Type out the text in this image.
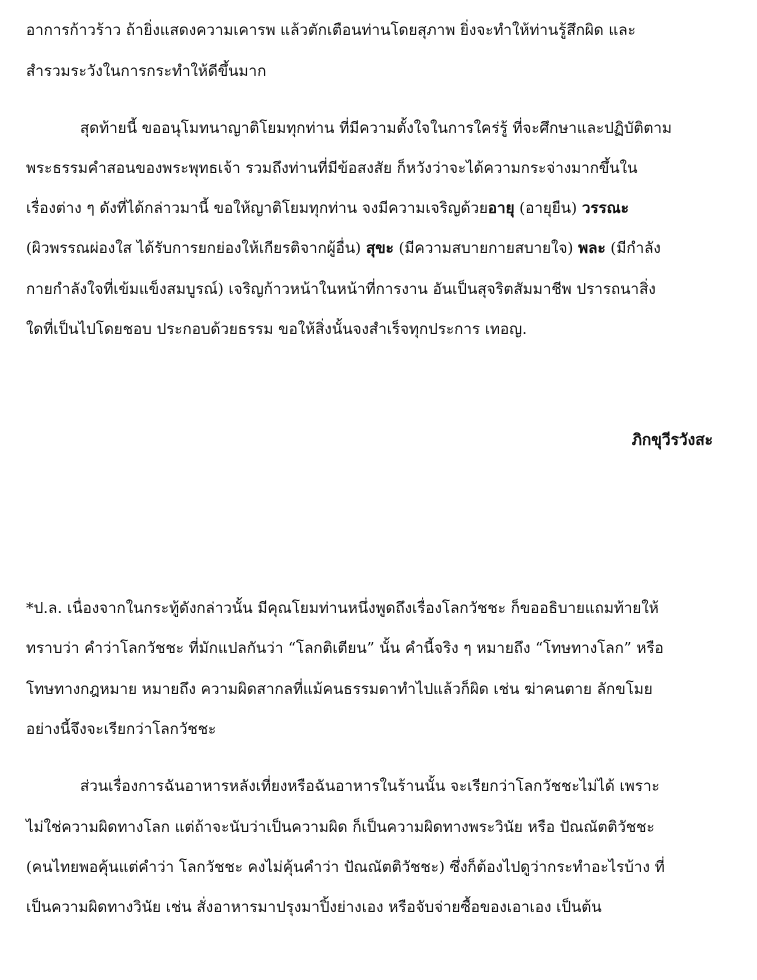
อาการก้าวร้าว ถ้ายิ่งแสดงความเคารพ แล้วตักเตือนท่านโดยสุภาพ ยิ่งจะทำให้ท่านรู้สึกผิด และ
สำรวมระวังในการกระทำให้ดีขึ้นมาก
สุดท้ายนี้ ขออนุโมทนาญาติโยมทุกท่าน ที่มีความตั้งใจในการใคร่รู้ ที่จะศึกษาและปฏิบัติตาม
พระธรรมคำสอนของพระพุทธเจ้า รวมถึงท่านที่มีข้อสงสัย ก็หวังว่าจะได้ความกระจ่างมากขึ้นใน
เรื่องต่าง ๆ ดังที่ได้กล่าวมานี้ ขอให้ญาติโยมทุกท่าน จงมีความเจริญด้วยอายุ (อายุยืน) วรรณะ
(ผิวพรรณผ่องใส ได้รับการยกย่องให้เกียรติจากผู้อื่น) สุขะ (มีความสบายกายสบายใจ) พละ (มีกำลัง
กายกำลังใจที่เข้มแข็งสมบูรณ์) เจริญก้าวหน้าในหน้าที่การงาน อันเป็นสุจริตสัมมาชีพ ปรารถนาสิ่ง
ใดที่เป็นไปโดยชอบ ประกอบด้วยธรรม ขอให้สิ่งนั้นจงสำเร็จทุกประการ เทอญ.
ภิกขุวีรวังสะ
*ป.ล. เนื่องจากในกระทู้ดังกล่าวนั้น มีคุณโยมท่านหนึ่งพูดถึงเรื่องโลกวัชชะ ก็ขออธิบายแถมท้ายให้
ทราบว่า คำว่าโลกวัชชะ ที่มักแปลกันว่า “โลกติเตียน” นั้น คำนี้จริง ๆ หมายถึง “โทษทางโลก” หรือ
โทษทางกฎหมาย หมายถึง ความผิดสากลที่แม้คนธรรมดาทำไปแล้วก็ผิด เช่น ฆ่าคนตาย ลักขโมย
อย่างนี้จึงจะเรียกว่าโลกวัชชะ
ส่วนเรื่องการฉันอาหารหลังเที่ยงหรือฉันอาหารในร้านนั้น จะเรียกว่าโลกวัชชะไม่ได้ เพราะ
ไม่ใช่ความผิดทางโลก แต่ถ้าจะนับว่าเป็นความผิด ก็เป็นความผิดทางพระวินัย หรือ ปัณณัตติวัชชะ
(คนไทยพอคุ้นแต่คำว่า โลกวัชชะ คงไม่คุ้นคำว่า ปัณณัตติวัชชะ) ซึ่งก็ต้องไปดูว่ากระทำอะไรบ้าง ที่
เป็นความผิดทางวินัย เช่น สั่งอาหารมาปรุงมาปิ้งย่างเอง หรือจับจ่ายซื้อของเอาเอง เป็นต้น
